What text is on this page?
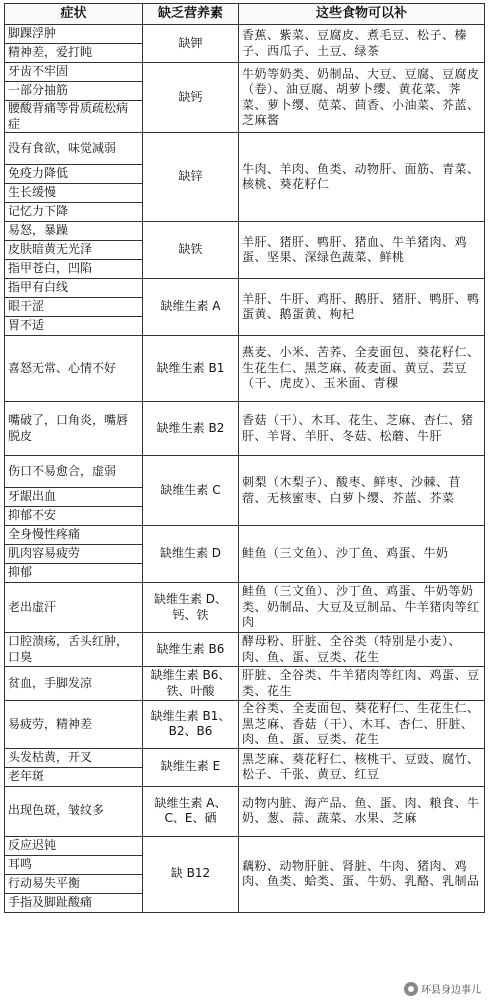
症状	缺乏营养素	这些食物可以补
脚踝浮肿	缺钾	香蕉、紫菜、豆腐皮、煮毛豆、松子、榛子、西瓜子、土豆、绿茶
精神差，爱打盹		
牙齿不牢固	缺钙	牛奶等奶类、奶制品、大豆、豆腐、豆腐皮（卷）、油豆腐、胡萝卜缨、黄花菜、荠菜、萝卜缨、苋菜、茴香、小油菜、芥蓝、芝麻酱
一部分抽筋		
腰酸背痛等骨质疏松病症		
没有食欲，味觉减弱	缺锌	牛肉、羊肉、鱼类、动物肝、面筋、青菜、核桃、葵花籽仁
免疫力降低		
生长缓慢		
记忆力下降		
易怒，暴躁	缺铁	羊肝、猪肝、鸭肝、猪血、牛羊猪肉、鸡蛋、坚果、深绿色蔬菜、鲜桃
皮肤暗黄无光泽		
指甲苍白，凹陷		
指甲有白线	缺维生素 A	羊肝、牛肝、鸡肝、鹅肝、猪肝、鸭肝、鸭蛋黄、鹅蛋黄、枸杞
眼干涩		
胃不适		
喜怒无常、心情不好	缺维生素 B1	燕麦、小米、苦荞、全麦面包、葵花籽仁、生花生仁、黑芝麻、莜麦面、黄豆、芸豆（干、虎皮）、玉米面、青稞
嘴破了，口角炎，嘴唇脱皮	缺维生素 B2	香菇（干）、木耳、花生、芝麻、杏仁、猪肝、羊肾、羊肝、冬菇、松蘑、牛肝
伤口不易愈合，虚弱	缺维生素 C	刺梨（木梨子）、酸枣、鲜枣、沙棘、苜蓿、无核蜜枣、白萝卜缨、芥蓝、芥菜
牙龈出血		
抑郁不安		
全身慢性疼痛	缺维生素 D	鲑鱼（三文鱼）、沙丁鱼、鸡蛋、牛奶
肌肉容易疲劳		
抑郁		
老出虚汗	缺维生素 D、钙、铁	鲑鱼（三文鱼）、沙丁鱼、鸡蛋、牛奶等奶类、奶制品、大豆及豆制品、牛羊猪肉等红肉
口腔溃疡，舌头红肿，口臭	缺维生素 B6	酵母粉、肝脏、全谷类（特别是小麦）、肉、鱼、蛋、豆类、花生
贫血，手脚发凉	缺维生素 B6、铁、叶酸	肝脏、全谷类、牛羊猪肉等红肉、鸡蛋、豆类、花生
易疲劳，精神差	缺维生素 B1、B2、B6	全谷类、全麦面包、葵花籽仁、生花生仁、黑芝麻、香菇（干）、木耳、杏仁、肝脏、肉、鱼、蛋、豆类、花生
头发枯黄，开叉	缺维生素 E	黑芝麻、葵花籽仁、核桃干、豆豉、腐竹、松子、千张、黄豆、红豆
老年斑		
出现色斑，皱纹多	缺维生素 A、C、E、硒	动物内脏、海产品、鱼、蛋、肉、粮食、牛奶、葱、蒜、蔬菜、水果、芝麻
反应迟钝	缺 B12	藕粉、动物肝脏、肾脏、牛肉、猪肉、鸡肉、鱼类、蛤类、蛋、牛奶、乳酪、乳制品
耳鸣		
行动易失平衡		
手指及脚趾酸痛		
环县身边事儿
